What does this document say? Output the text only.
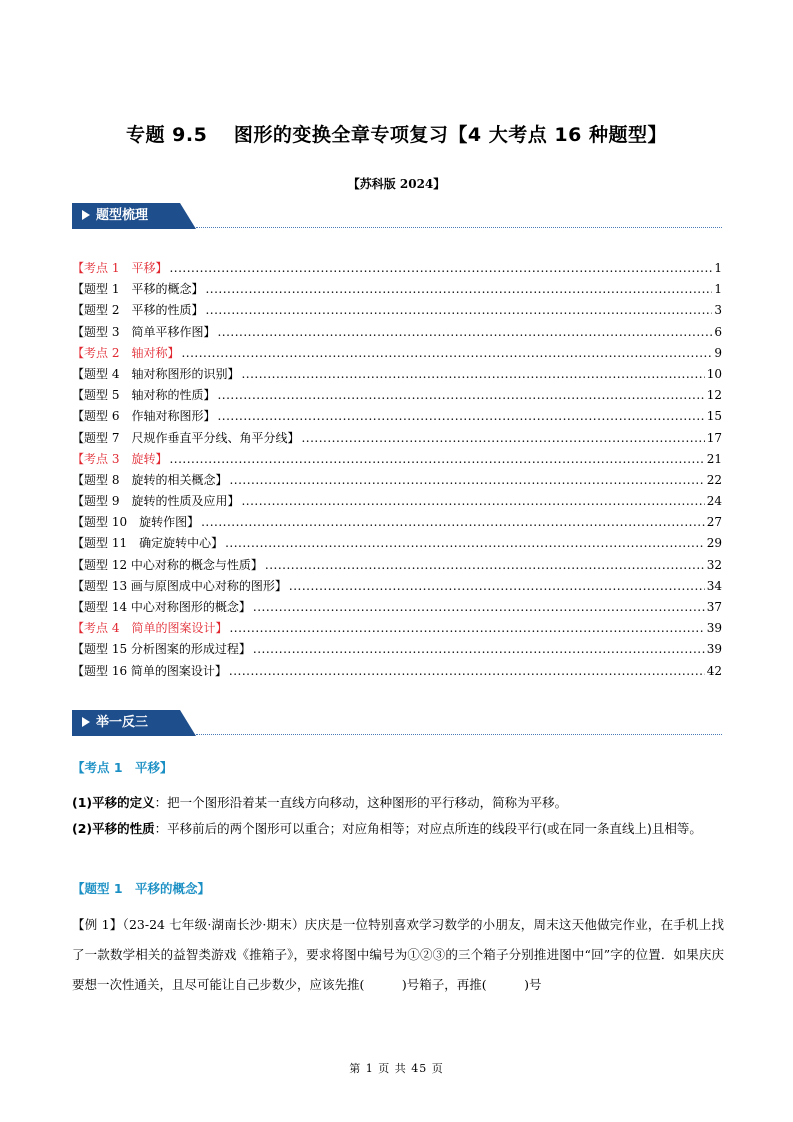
专题 9.5　 图形的变换全章专项复习【4 大考点 16 种题型】
【苏科版 2024】
题型梳理
【考点 1　平移】 .....	1
【题型 1　平移的概念】 .....	1
【题型 2　平移的性质】 .....	3
【题型 3　简单平移作图】 .....	6
【考点 2　轴对称】 .....	9
【题型 4　轴对称图形的识别】 .....	10
【题型 5　轴对称的性质】 .....	12
【题型 6　作轴对称图形】 .....	15
【题型 7　尺规作垂直平分线、角平分线】 .....	17
【考点 3　旋转】 .....	21
【题型 8　旋转的相关概念】 .....	22
【题型 9　旋转的性质及应用】 .....	24
【题型 10　旋转作图】 .....	27
【题型 11　确定旋转中心】 .....	29
【题型 12 中心对称的概念与性质】 .....	32
【题型 13 画与原图成中心对称的图形】 .....	34
【题型 14 中心对称图形的概念】 .....	37
【考点 4　简单的图案设计】 .....	39
【题型 15 分析图案的形成过程】 .....	39
【题型 16 简单的图案设计】 .....	42
举一反三
【考点 1　平移】
(1)平移的定义：把一个图形沿着某一直线方向移动，这种图形的平行移动，简称为平移。
(2)平移的性质：平移前后的两个图形可以重合；对应角相等；对应点所连的线段平行(或在同一条直线上)且相等。
【题型 1　平移的概念】
【例 1】（23-24 七年级·湖南长沙·期末）庆庆是一位特别喜欢学习数学的小朋友，周末这天他做完作业，在手机上找了一款数学相关的益智类游戏《推箱子》，要求将图中编号为①②③的三个箱子分别推进图中“回”字的位置．如果庆庆要想一次性通关，且尽可能让自己步数少，应该先推(　　　)号箱子，再推(　　　)号
第 1 页 共 45 页
